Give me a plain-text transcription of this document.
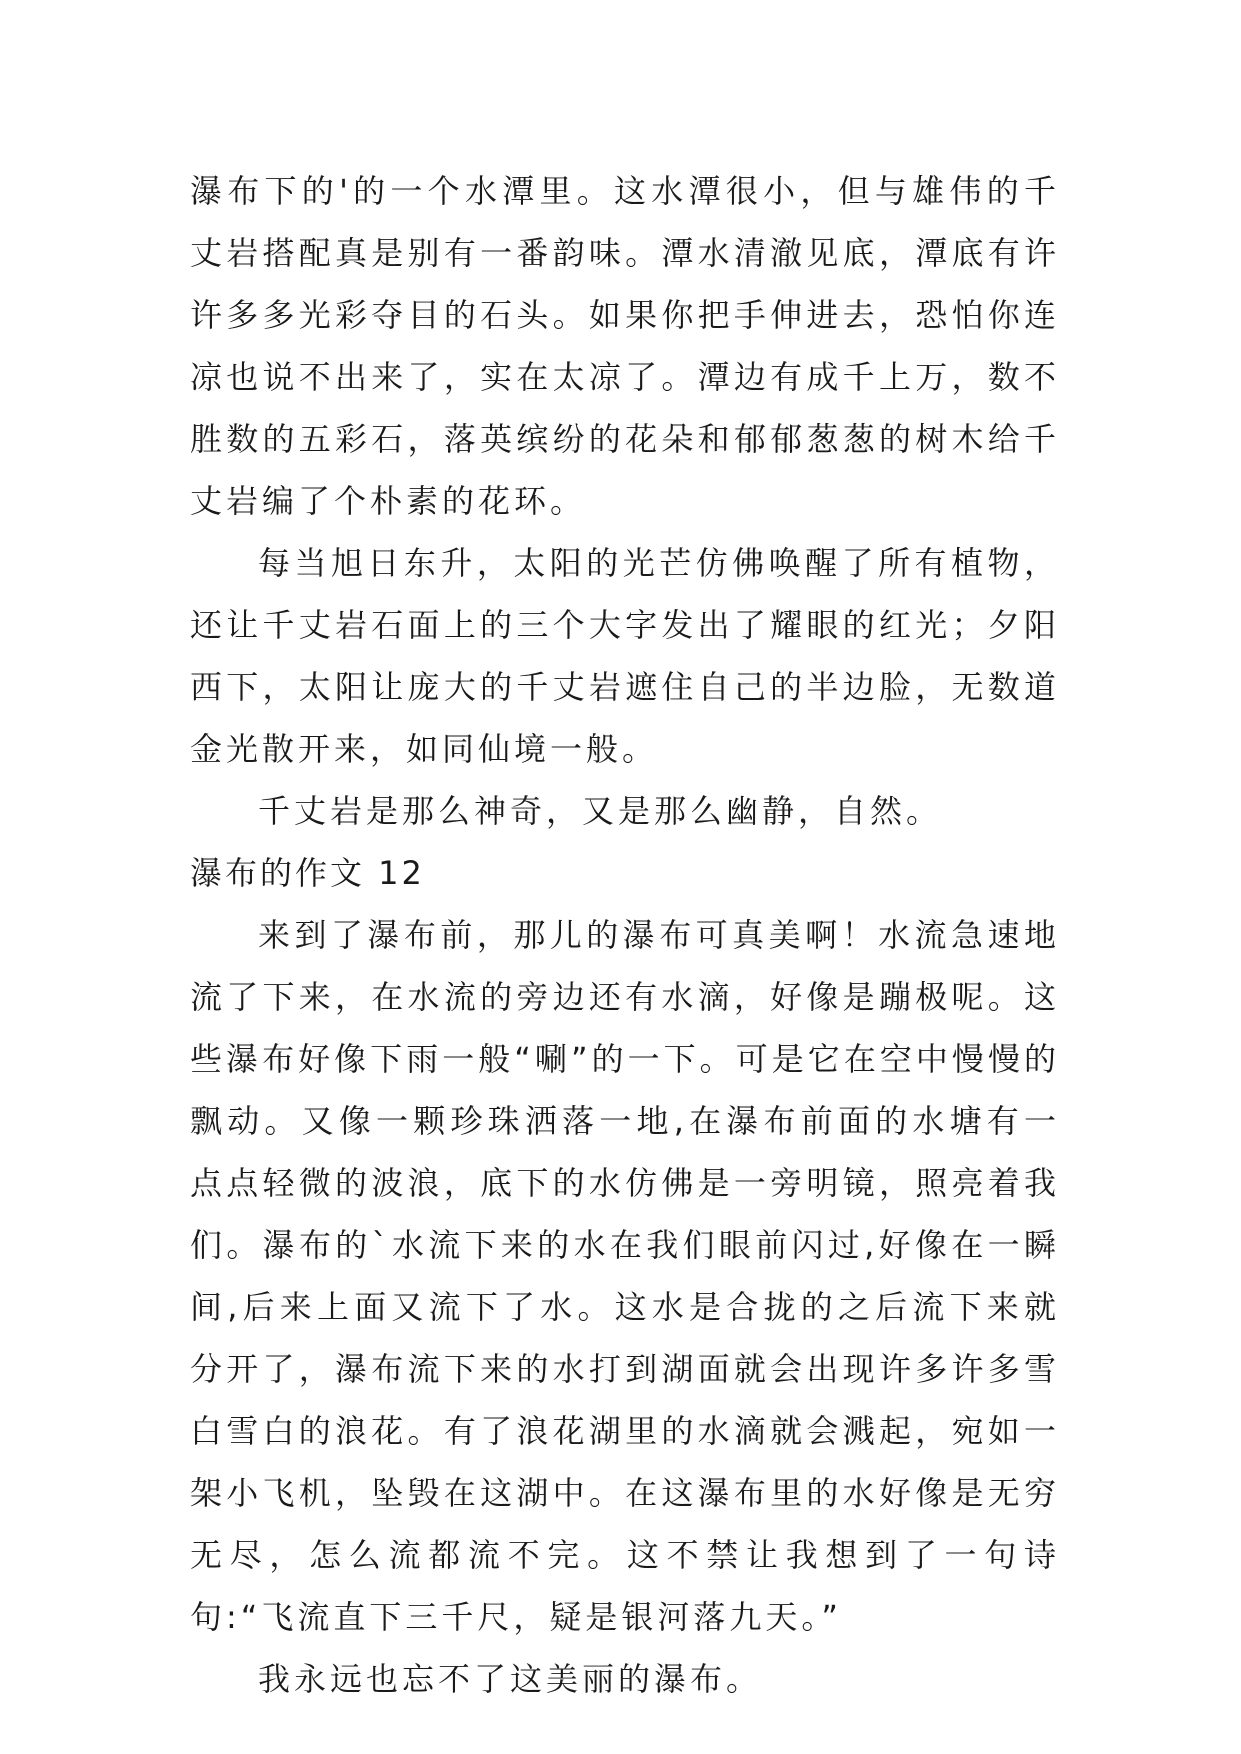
瀑布下的'的一个水潭里。这水潭很小，但与雄伟的千丈岩搭配真是别有一番韵味。潭水清澈见底，潭底有许许多多光彩夺目的石头。如果你把手伸进去，恐怕你连凉也说不出来了，实在太凉了。潭边有成千上万，数不胜数的五彩石，落英缤纷的花朵和郁郁葱葱的树木给千丈岩编了个朴素的花环。

每当旭日东升，太阳的光芒仿佛唤醒了所有植物，还让千丈岩石面上的三个大字发出了耀眼的红光；夕阳西下，太阳让庞大的千丈岩遮住自己的半边脸，无数道金光散开来，如同仙境一般。

千丈岩是那么神奇，又是那么幽静，自然。

瀑布的作文 12

来到了瀑布前，那儿的瀑布可真美啊！水流急速地流了下来，在水流的旁边还有水滴，好像是蹦极呢。这些瀑布好像下雨一般“唰”的一下。可是它在空中慢慢的飘动。又像一颗珍珠洒落一地,在瀑布前面的水塘有一点点轻微的波浪，底下的水仿佛是一旁明镜，照亮着我们。瀑布的`水流下来的水在我们眼前闪过,好像在一瞬间,后来上面又流下了水。这水是合拢的之后流下来就分开了，瀑布流下来的水打到湖面就会出现许多许多雪白雪白的浪花。有了浪花湖里的水滴就会溅起，宛如一架小飞机，坠毁在这湖中。在这瀑布里的水好像是无穷无尽，怎么流都流不完。这不禁让我想到了一句诗句:“飞流直下三千尺，疑是银河落九天。”

我永远也忘不了这美丽的瀑布。
